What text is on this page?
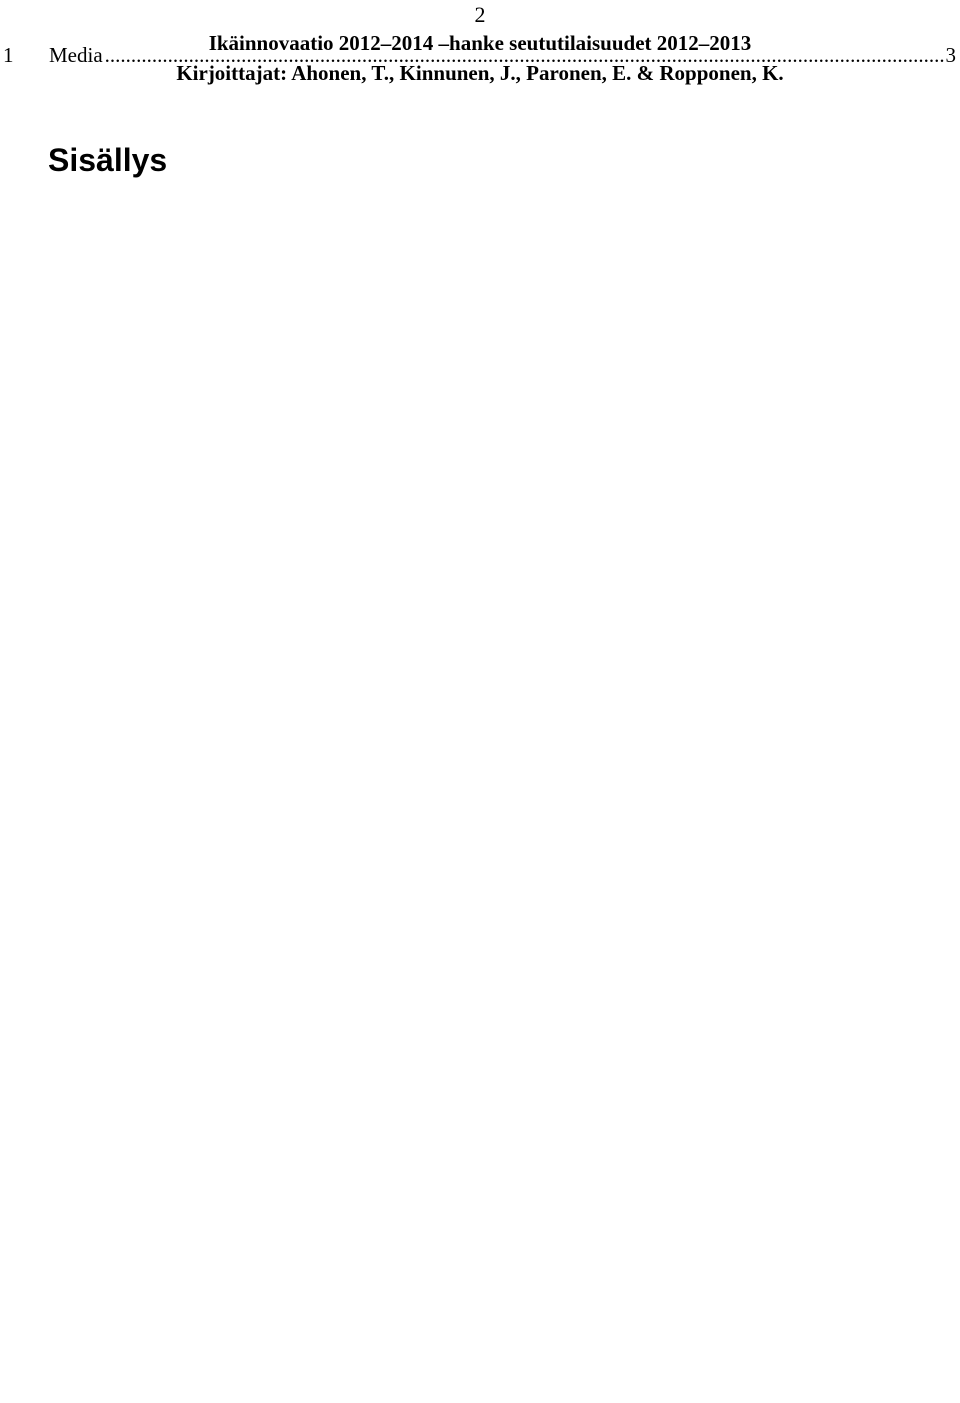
2
Ikäinnovaatio 2012–2014 –hanke seututilaisuudet 2012–2013
Kirjoittajat: Ahonen, T., Kinnunen, J., Paronen, E. & Ropponen, K.
Sisällys
1	Media
.....	3
